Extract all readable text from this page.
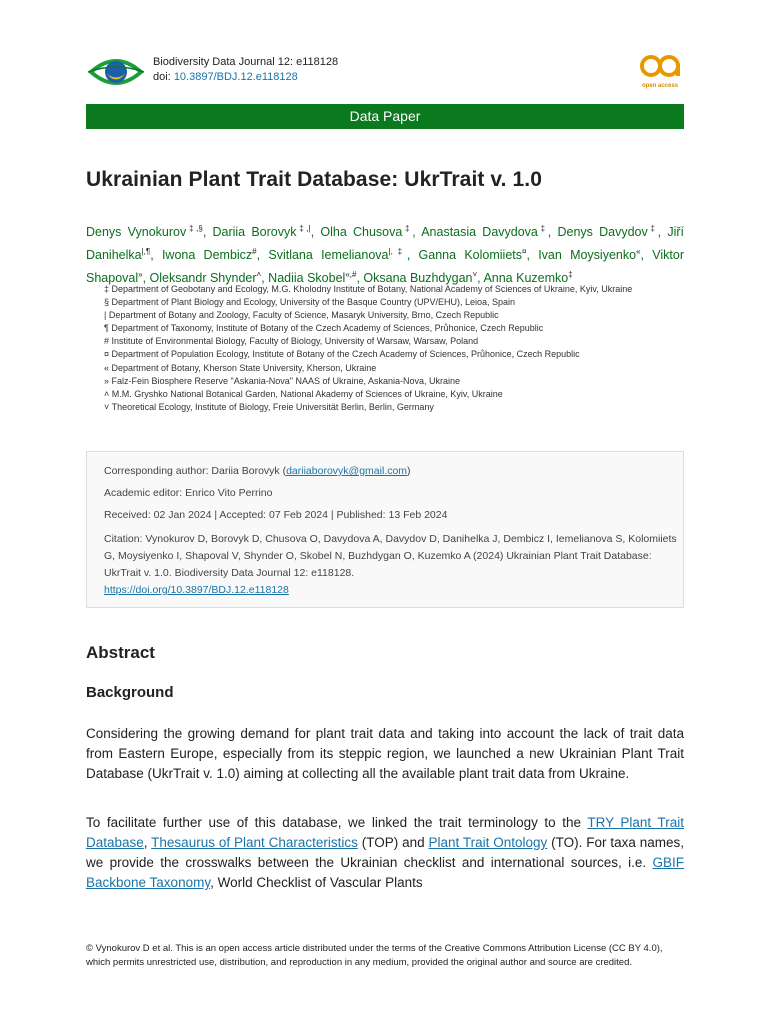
Biodiversity Data Journal 12: e118128
doi: 10.3897/BDJ.12.e118128
open access
Data Paper
Ukrainian Plant Trait Database: UkrTrait v. 1.0
Denys Vynokurov‡,§, Dariia Borovyk‡,|, Olha Chusova‡, Anastasia Davydova‡, Denys Davydov‡, Jiří Danihelka|,¶, Iwona Dembicz#, Svitlana Iemelianova|,‡, Ganna Kolomiiets¤, Ivan Moysiyenko«, Viktor Shapoval», Oleksandr Shynder˄, Nadiia Skobel«,#, Oksana Buzhdygan˅, Anna Kuzemko‡

‡ Department of Geobotany and Ecology, M.G. Kholodny Institute of Botany, National Academy of Sciences of Ukraine, Kyiv, Ukraine

§ Department of Plant Biology and Ecology, University of the Basque Country (UPV/EHU), Leioa, Spain

| Department of Botany and Zoology, Faculty of Science, Masaryk University, Brno, Czech Republic

¶ Department of Taxonomy, Institute of Botany of the Czech Academy of Sciences, Průhonice, Czech Republic

# Institute of Environmental Biology, Faculty of Biology, University of Warsaw, Warsaw, Poland

¤ Department of Population Ecology, Institute of Botany of the Czech Academy of Sciences, Průhonice, Czech Republic

« Department of Botany, Kherson State University, Kherson, Ukraine

» Falz-Fein Biosphere Reserve "Askania-Nova" NAAS of Ukraine, Askania-Nova, Ukraine

˄ M.M. Gryshko National Botanical Garden, National Akademy of Sciences of Ukraine, Kyiv, Ukraine

˅ Theoretical Ecology, Institute of Biology, Freie Universität Berlin, Berlin, Germany

Corresponding author: Dariia Borovyk (dariiaborovyk@gmail.com)

Academic editor: Enrico Vito Perrino

Received: 02 Jan 2024 | Accepted: 07 Feb 2024 | Published: 13 Feb 2024

Citation: Vynokurov D, Borovyk D, Chusova O, Davydova A, Davydov D, Danihelka J, Dembicz I, Iemelianova S, Kolomiiets G, Moysiyenko I, Shapoval V, Shynder O, Skobel N, Buzhdygan O, Kuzemko A (2024) Ukrainian Plant Trait Database: UkrTrait v. 1.0. Biodiversity Data Journal 12: e118128.
https://doi.org/10.3897/BDJ.12.e118128

Abstract
Background

Considering the growing demand for plant trait data and taking into account the lack of trait data from Eastern Europe, especially from its steppic region, we launched a new Ukrainian Plant Trait Database (UkrTrait v. 1.0) aiming at collecting all the available plant trait data from Ukraine.

To facilitate further use of this database, we linked the trait terminology to the TRY Plant Trait Database, Thesaurus of Plant Characteristics (TOP) and Plant Trait Ontology (TO). For taxa names, we provide the crosswalks between the Ukrainian checklist and international sources, i.e. GBIF Backbone Taxonomy, World Checklist of Vascular Plants

© Vynokurov D et al. This is an open access article distributed under the terms of the Creative Commons Attribution License (CC BY 4.0), which permits unrestricted use, distribution, and reproduction in any medium, provided the original author and source are credited.
